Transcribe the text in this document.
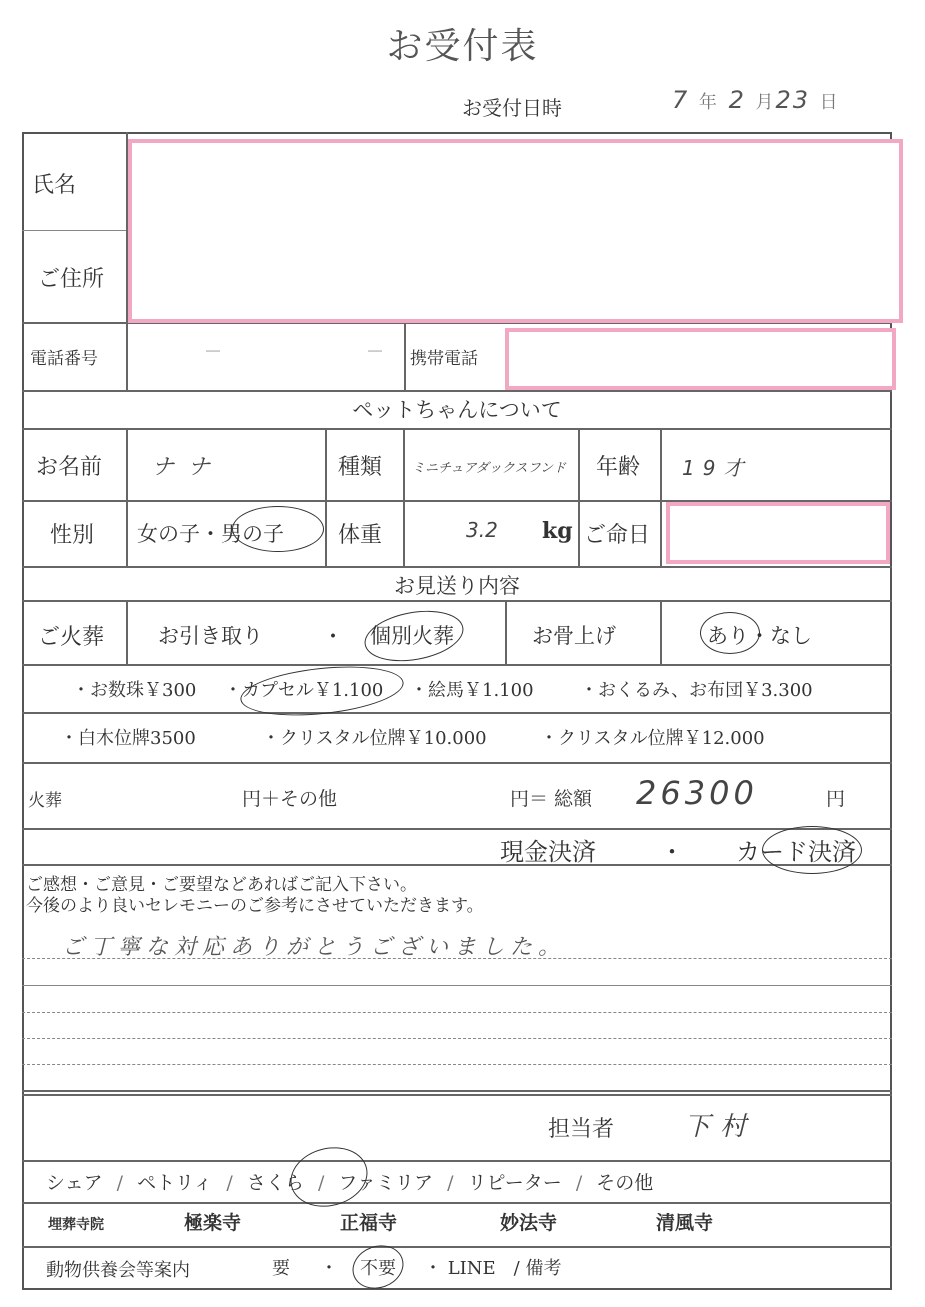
お受付表
お受付日時	7 年 2 月23 日
氏名
ご住所
電話番号	―　　―
携帯電話
ペットちゃんについて
お名前 ナナ	種類 ミニチュアダックスフンド 年齢 19才
性別 女の子・男の子 体重	3.2 kg ご命日
お見送り内容
ご火葬	お引き取り	・ 個別火葬	お骨上げ	あり・なし
・お数珠￥300 ・カプセル￥1.100 ・絵馬￥1.100	・おくるみ、お布団￥3.300
・白木位牌3500	・クリスタル位牌￥10.000	・クリスタル位牌￥12.000
火葬	円＋その他	円＝ 総額 26300	円
現金決済	・ カード決済
ご感想・ご意見・ご要望などあればご記入下さい。
今後のより良いセレモニーのご参考にさせていただきます。
ご丁寧な対応ありがとうございました。
担当者	下村
シェア / ペトリィ / さくら / ファミリア / リピーター / その他
埋葬寺院	極楽寺	正福寺	妙法寺	清風寺
動物供養会等案内	要 ・ 不要 ・ LINE　/ 備考
